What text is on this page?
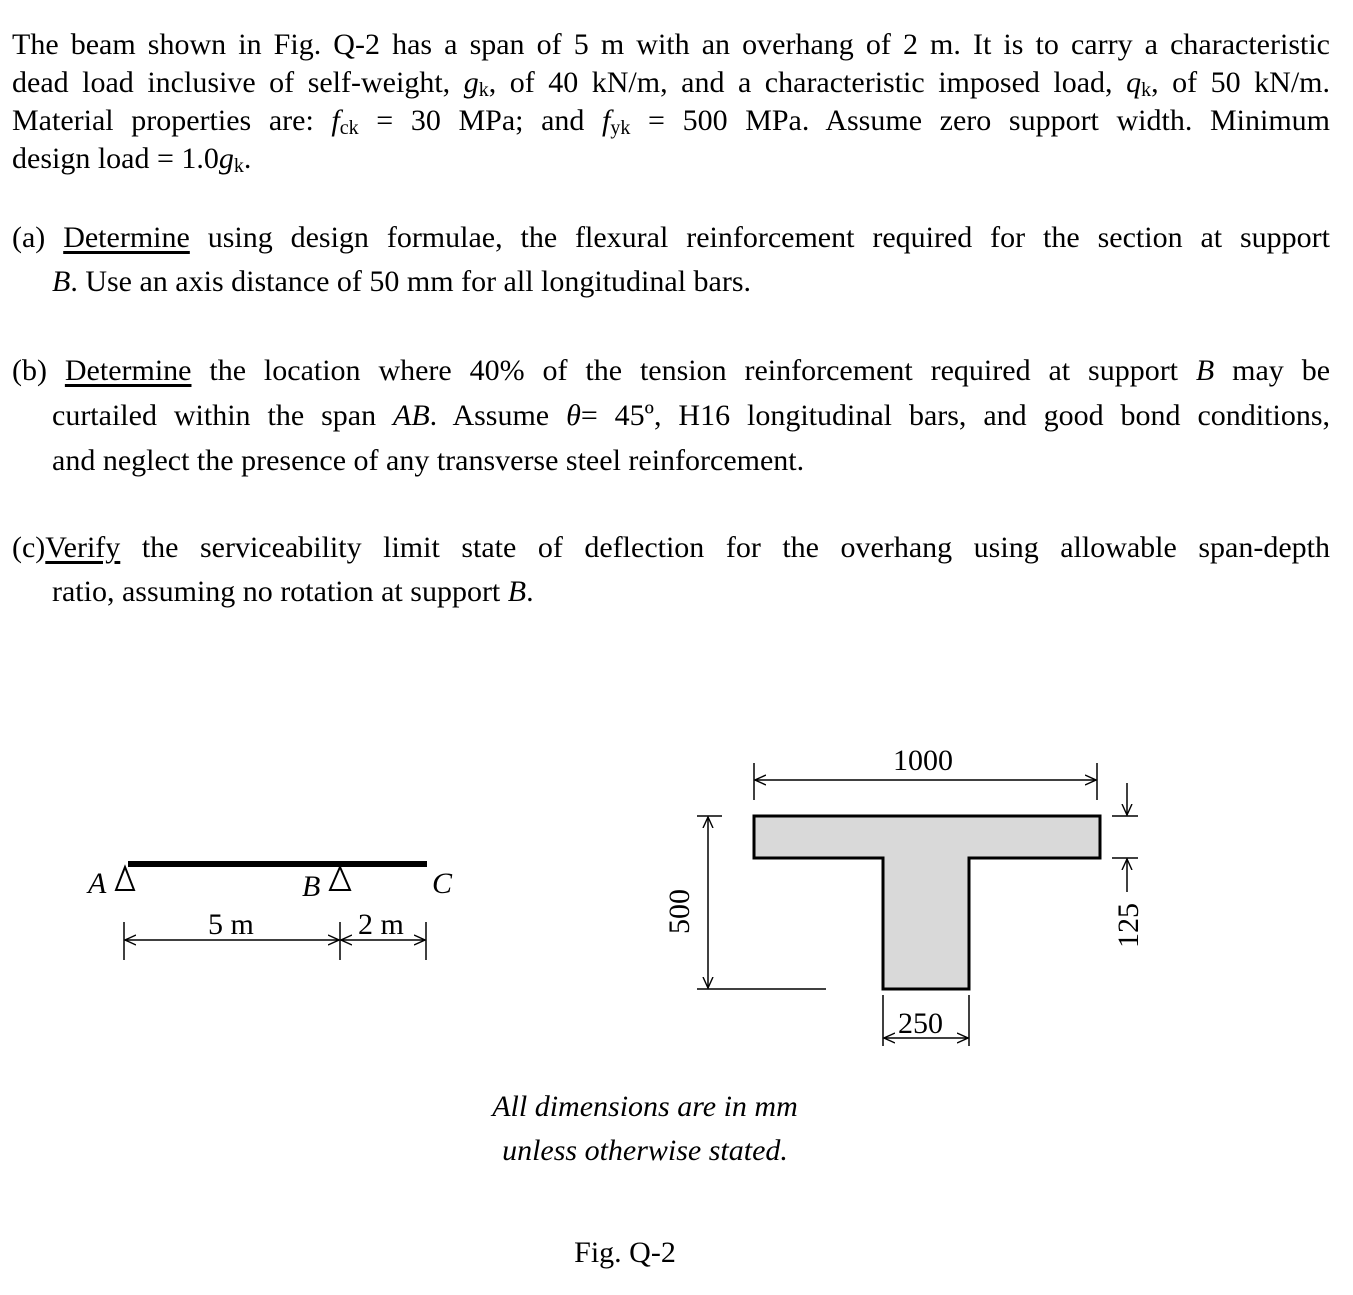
The beam shown in Fig. Q-2 has a span of 5 m with an overhang of 2 m. It is to carry a characteristic
dead load inclusive of self-weight, $g_k$, of 40 kN/m, and a characteristic imposed load, $q_k$, of 50 kN/m.
Material properties are: $f_{ck} = 30$ MPa; and $f_{yk} = 500$ MPa. Assume zero support width. Minimum
design load = $1.0g_k$.
(a) Determine using design formulae, the flexural reinforcement required for the section at support
B. Use an axis distance of 50 mm for all longitudinal bars.
(b) Determine the location where 40% of the tension reinforcement required at support B may be
curtailed within the span AB. Assume θ= 45º, H16 longitudinal bars, and good bond conditions,
and neglect the presence of any transverse steel reinforcement.
(c)Verify the serviceability limit state of deflection for the overhang using allowable span-depth
ratio, assuming no rotation at support B.
A	B	C
5 m	2 m
1000
500	125
250
All dimensions are in mm
unless otherwise stated.
Fig. Q-2
